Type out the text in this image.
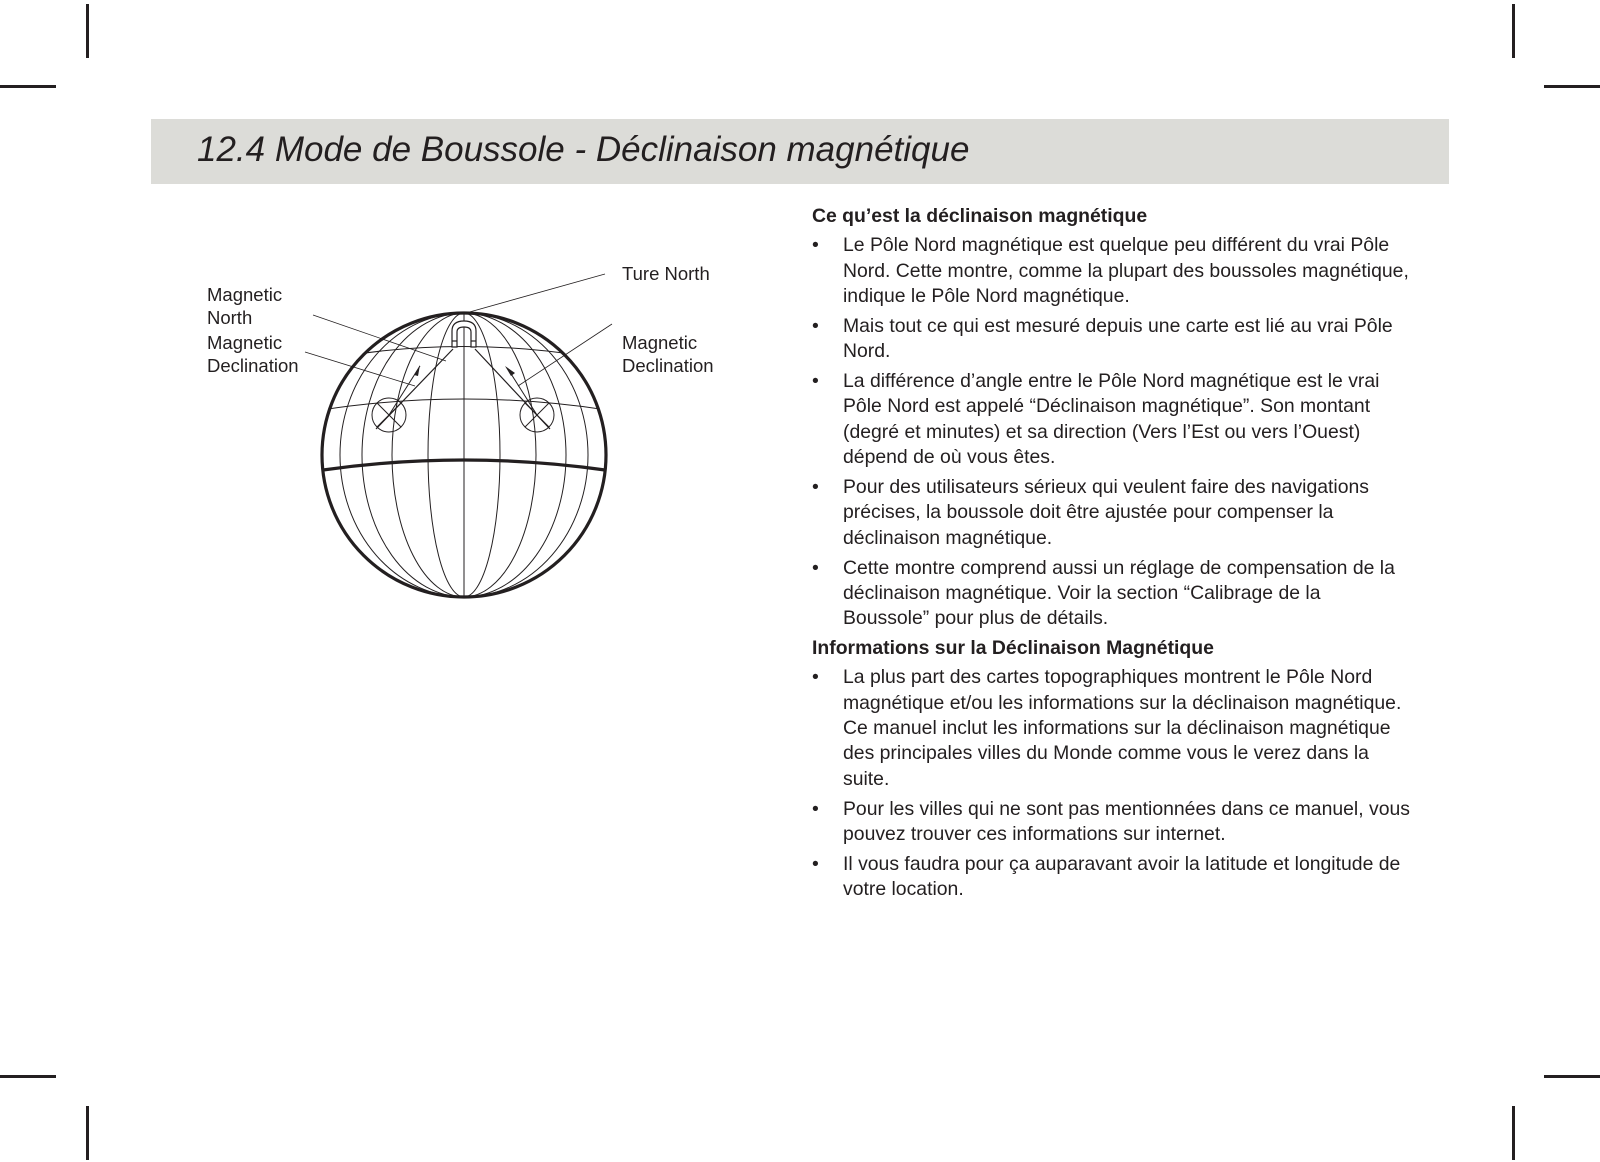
12.4 Mode de Boussole - Déclinaison magnétique
Ture North
Magnetic
North
Magnetic
Declination
Magnetic
Declination
Ce qu’est la déclinaison magnétique
• Le Pôle Nord magnétique est quelque peu différent du vrai Pôle Nord. Cette montre, comme la plupart des boussoles magnétique, indique le Pôle Nord magnétique.
• Mais tout ce qui est mesuré depuis une carte est lié au vrai Pôle Nord.
• La différence d’angle entre le Pôle Nord magnétique est le vrai Pôle Nord est appelé “Déclinaison magnétique”. Son montant (degré et minutes) et sa direction (Vers l’Est ou vers l’Ouest) dépend de où vous êtes.
• Pour des utilisateurs sérieux qui veulent faire des navigations précises, la boussole doit être ajustée pour compenser la déclinaison magnétique.
• Cette montre comprend aussi un réglage de compensation de la déclinaison magnétique. Voir la section “Calibrage de la Boussole” pour plus de détails.
Informations sur la Déclinaison Magnétique
• La plus part des cartes topographiques montrent le Pôle Nord magnétique et/ou les informations sur la déclinaison magnétique. Ce manuel inclut les informations sur la déclinaison magnétique des principales villes du Monde comme vous le verez dans la suite.
• Pour les villes qui ne sont pas mentionnées dans ce manuel, vous pouvez trouver ces informations sur internet.
• Il vous faudra pour ça auparavant avoir la latitude et longitude de votre location.
